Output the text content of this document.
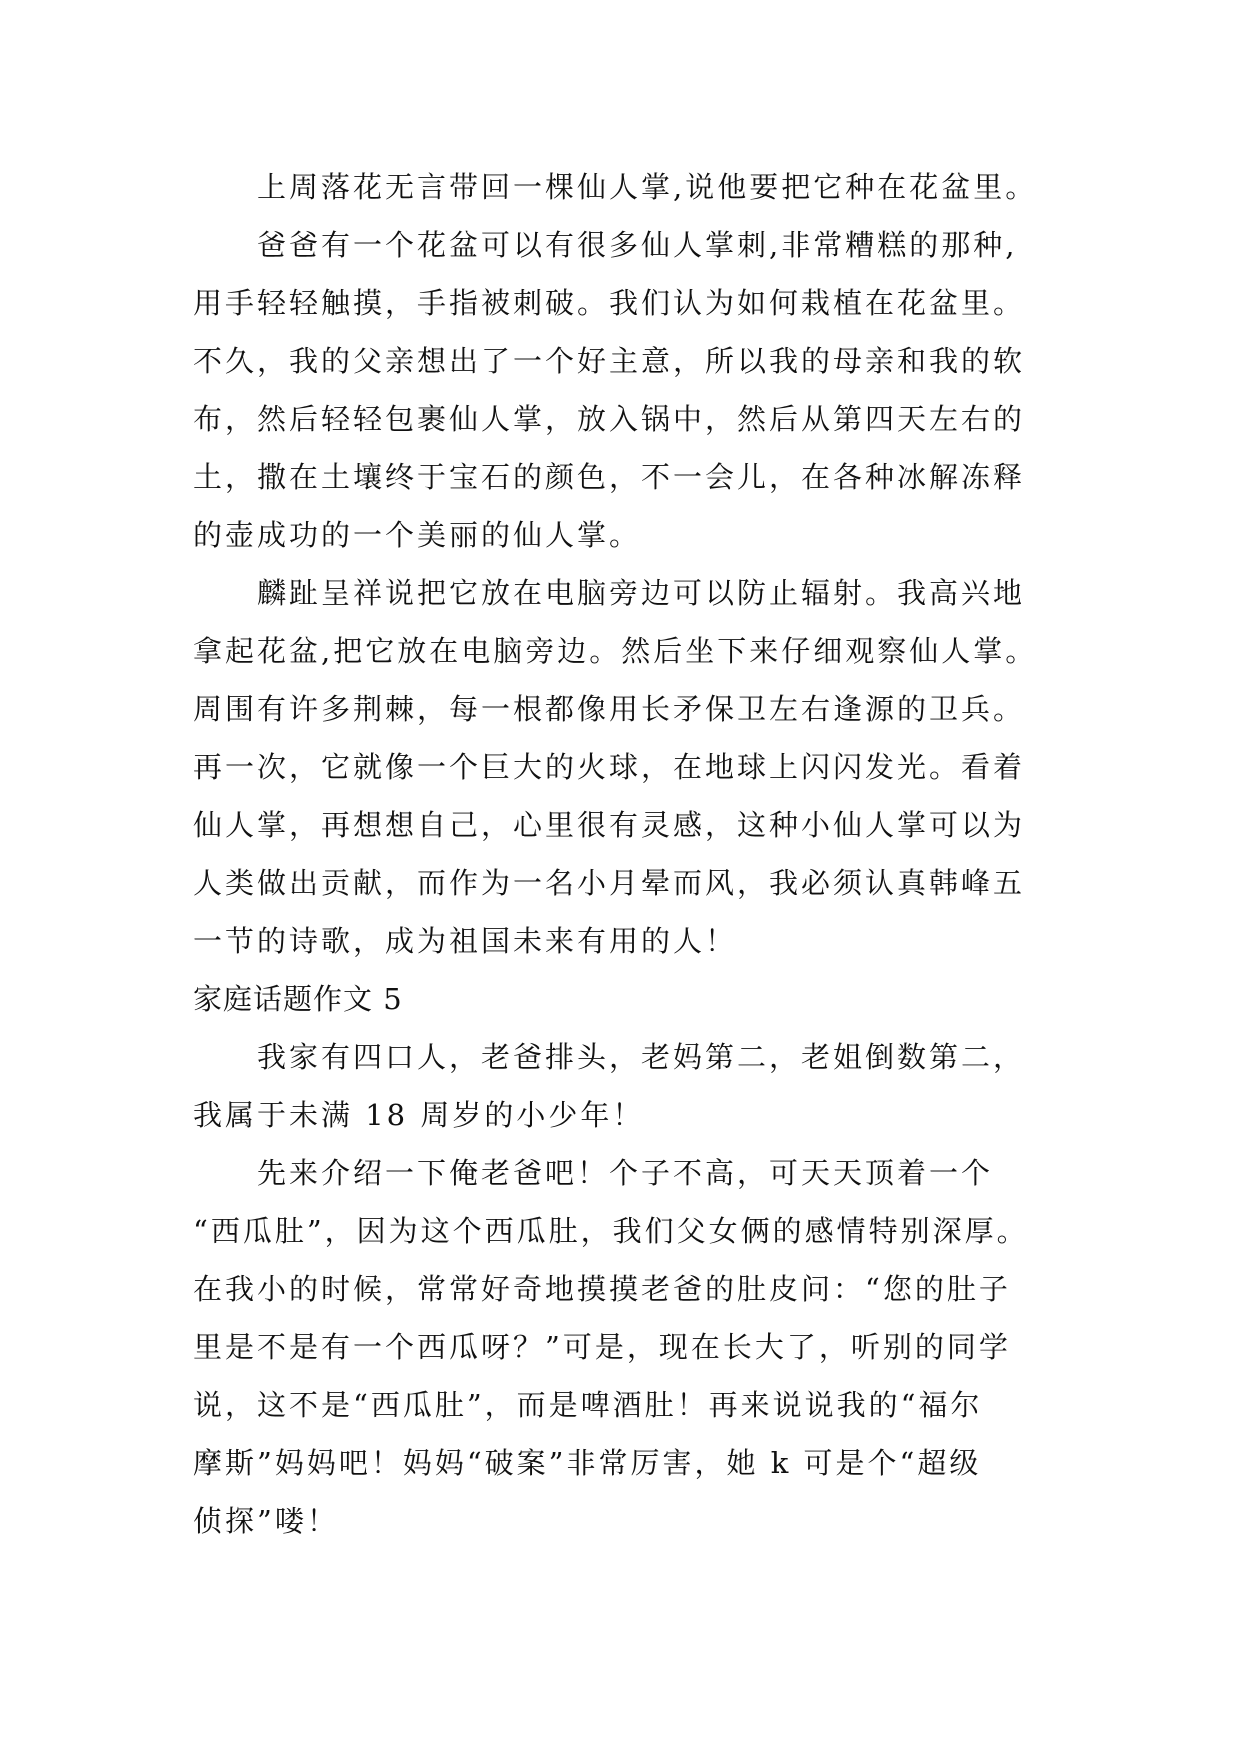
上周落花无言带回一棵仙人掌,说他要把它种在花盆里。
爸爸有一个花盆可以有很多仙人掌刺,非常糟糕的那种,
用手轻轻触摸，手指被刺破。我们认为如何栽植在花盆里。
不久，我的父亲想出了一个好主意，所以我的母亲和我的软
布，然后轻轻包裹仙人掌，放入锅中，然后从第四天左右的
土，撒在土壤终于宝石的颜色，不一会儿，在各种冰解冻释
的壶成功的一个美丽的仙人掌。
麟趾呈祥说把它放在电脑旁边可以防止辐射。我高兴地
拿起花盆,把它放在电脑旁边。然后坐下来仔细观察仙人掌。
周围有许多荆棘，每一根都像用长矛保卫左右逢源的卫兵。
再一次，它就像一个巨大的火球，在地球上闪闪发光。看着
仙人掌，再想想自己，心里很有灵感，这种小仙人掌可以为
人类做出贡献，而作为一名小月晕而风，我必须认真韩峰五
一节的诗歌，成为祖国未来有用的人！
家庭话题作文 5
我家有四口人，老爸排头，老妈第二，老姐倒数第二，
我属于未满 18 周岁的小少年！
先来介绍一下俺老爸吧！个子不高，可天天顶着一个
“西瓜肚”，因为这个西瓜肚，我们父女俩的感情特别深厚。
在我小的时候，常常好奇地摸摸老爸的肚皮问：“您的肚子
里是不是有一个西瓜呀？”可是，现在长大了，听别的同学
说，这不是“西瓜肚”，而是啤酒肚！再来说说我的“福尔
摩斯”妈妈吧！妈妈“破案”非常厉害，她 k 可是个“超级
侦探”喽！
